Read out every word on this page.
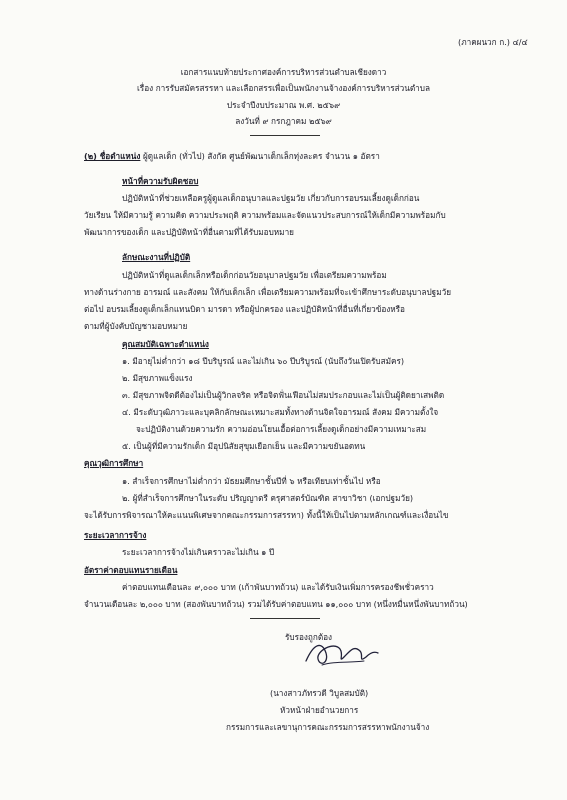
(ภาคผนวก ก.) ๔/๔
เอกสารแนบท้ายประกาศองค์การบริหารส่วนตำบลเชียงดาว
เรื่อง การรับสมัครสรรหา และเลือกสรรเพื่อเป็นพนักงานจ้างองค์การบริหารส่วนตำบล
ประจำปีงบประมาณ พ.ศ. ๒๕๖๙
ลงวันที่ ๙ กรกฎาคม ๒๕๖๙
(๒) ชื่อตำแหน่ง ผู้ดูแลเด็ก (ทั่วไป) สังกัด ศูนย์พัฒนาเด็กเล็กทุ่งละคร จำนวน ๑ อัตรา
หน้าที่ความรับผิดชอบ
ปฏิบัติหน้าที่ช่วยเหลือครูผู้ดูแลเด็กอนุบาลและปฐมวัย เกี่ยวกับการอบรมเลี้ยงดูเด็กก่อน
วัยเรียน ให้มีความรู้ ความคิด ความประพฤติ ความพร้อมและจัดแนวประสบการณ์ให้เด็กมีความพร้อมกับ
พัฒนาการของเด็ก และปฏิบัติหน้าที่อื่นตามที่ได้รับมอบหมาย
ลักษณะงานที่ปฏิบัติ
ปฏิบัติหน้าที่ดูแลเด็กเล็กหรือเด็กก่อนวัยอนุบาลปฐมวัย เพื่อเตรียมความพร้อม
ทางด้านร่างกาย อารมณ์ และสังคม ให้กับเด็กเล็ก เพื่อเตรียมความพร้อมที่จะเข้าศึกษาระดับอนุบาลปฐมวัย
ต่อไป อบรมเลี้ยงดูเด็กเล็กแทนบิดา มารดา หรือผู้ปกครอง และปฏิบัติหน้าที่อื่นที่เกี่ยวข้องหรือ
ตามที่ผู้บังคับบัญชามอบหมาย
คุณสมบัติเฉพาะตำแหน่ง
๑. มีอายุไม่ต่ำกว่า ๑๘ ปีบริบูรณ์ และไม่เกิน ๖๐ ปีบริบูรณ์ (นับถึงวันเปิดรับสมัคร)
๒. มีสุขภาพแข็งแรง
๓. มีสุขภาพจิตดีต้องไม่เป็นผู้วิกลจริต หรือจิตฟั่นเฟือนไม่สมประกอบและไม่เป็นผู้ติดยาเสพติด
๔. มีระดับวุฒิภาวะและบุคลิกลักษณะเหมาะสมทั้งทางด้านจิตใจอารมณ์ สังคม มีความตั้งใจ
จะปฏิบัติงานด้วยความรัก ความอ่อนโยนเอื้อต่อการเลี้ยงดูเด็กอย่างมีความเหมาะสม
๕. เป็นผู้ที่มีความรักเด็ก มีอุปนิสัยสุขุมเยือกเย็น และมีความขยันอดทน
คุณวุฒิการศึกษา
๑. สำเร็จการศึกษาไม่ต่ำกว่า มัธยมศึกษาชั้นปีที่ ๖ หรือเทียบเท่าชั้นไป หรือ
๒. ผู้ที่สำเร็จการศึกษาในระดับ ปริญญาตรี ครุศาสตร์บัณฑิต สาขาวิชา (เอกปฐมวัย)
จะได้รับการพิจารณาให้คะแนนพิเศษจากคณะกรรมการสรรหา) ทั้งนี้ให้เป็นไปตามหลักเกณฑ์และเงื่อนไข
ระยะเวลาการจ้าง
ระยะเวลาการจ้างไม่เกินคราวละไม่เกิน ๑ ปี
อัตราค่าตอบแทนรายเดือน
ค่าตอบแทนเดือนละ ๙,๐๐๐ บาท (เก้าพันบาทถ้วน) และได้รับเงินเพิ่มการครองชีพชั่วคราว
จำนวนเดือนละ ๒,๐๐๐ บาท (สองพันบาทถ้วน) รวมได้รับค่าตอบแทน ๑๑,๐๐๐ บาท (หนึ่งหมื่นหนึ่งพันบาทถ้วน)
รับรองถูกต้อง
(นางสาวภัทรวดี วิบูลสมบัติ)
หัวหน้าฝ่ายอำนวยการ
กรรมการและเลขานุการคณะกรรมการสรรหาพนักงานจ้าง
